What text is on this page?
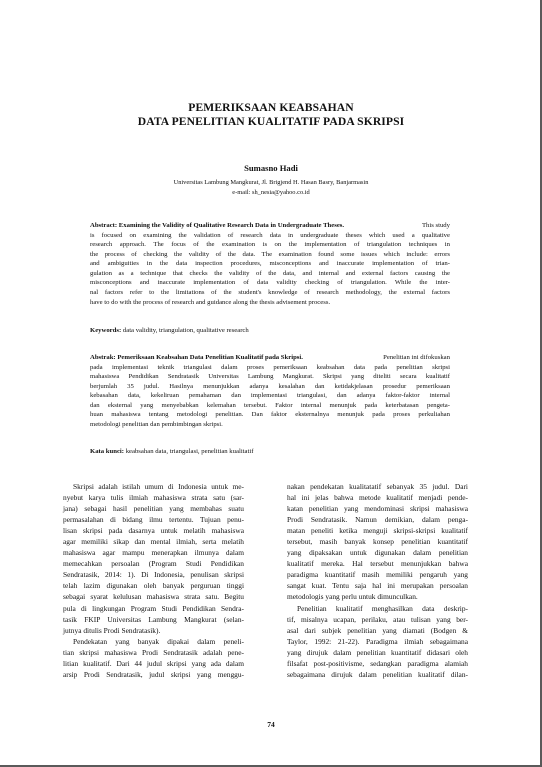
PEMERIKSAAN KEABSAHAN
DATA PENELITIAN KUALITATIF PADA SKRIPSI
Sumasno Hadi
Universitas Lambung Mangkurat, Jl. Brigjend H. Hasan Basry, Banjarmasin
e-mail: sh_nesia@yahoo.co.id
Abstract: Examining the Validity of Qualitative Research Data in Undergraduate Theses.	This study
is focused on examining the validation of research data in undergraduate theses which used a qualitative
research approach. The focus of the examination is on the implementation of triangulation techniques in
the process of checking the validity of the data. The examination found some issues which include: errors
and ambiguities in the data inspection procedures, misconceptions and inaccurate implementation of trian-
gulation as a technique that checks the validity of the data, and internal and external factors causing the
misconceptions and inaccurate implementation of data validity checking of triangulation. While the inter-
nal factors refer to the limitations of the student's knowledge of research methodology, the external factors
have to do with the process of research and guidance along the thesis advisement process.
Keywords: data validity, triangulation, qualitative research
Abstrak: Pemeriksaan Keabsahan Data Penelitian Kualitatif pada Skripsi.	Penelitian ini difokuskan
pada implementasi teknik triangulasi dalam proses pemeriksaan keabsahan data pada penelitian skripsi
mahasiswa Pendidikan Sendratasik Universitas Lambung Mangkurat. Skripsi yang diteliti secara kualitatif
berjumlah 35 judul. Hasilnya menunjukkan adanya kesalahan dan ketidakjelasan prosedur pemeriksaan
kebasahan data, kekeliruan pemahaman dan implementasi triangulasi, dan adanya faktor-faktor internal
dan eksternal yang menyebabkan kelemahan tersebut. Faktor internal menunjuk pada keterbatasan pengeta-
huan mahasiswa tentang metodologi penelitian. Dan faktor eksternalnya menunjuk pada proses perkuliahan
metodologi penelitian dan pembimbingan skripsi.
Kata kunci: keabsahan data, triangulasi, penelitian kualitatif
Skripsi adalah istilah umum di Indonesia untuk me-
nyebut karya tulis ilmiah mahasiswa strata satu (sar-
jana) sebagai hasil penelitian yang membahas suatu
permasalahan di bidang ilmu tertentu. Tujuan penu-
lisan skripsi pada dasarnya untuk melatih mahasiswa
agar memiliki sikap dan mental ilmiah, serta melatih
mahasiswa agar mampu menerapkan ilmunya dalam
memecahkan persoalan (Program Studi Pendidikan
Sendratasik, 2014: 1). Di Indonesia, penulisan skripsi
telah lazim digunakan oleh banyak perguruan tinggi
sebagai syarat kelulusan mahasiswa strata satu. Begitu
pula di lingkungan Program Studi Pendidikan Sendra-
tasik FKIP Universitas Lambung Mangkurat (selan-
jutnya ditulis Prodi Sendratasik).
Pendekatan yang banyak dipakai dalam peneli-
tian skripsi mahasiswa Prodi Sendratasik adalah pene-
litian kualitatif. Dari 44 judul skripsi yang ada dalam
arsip Prodi Sendratasik, judul skripsi yang menggu-
nakan pendekatan kualitatatif sebanyak 35 judul. Dari
hal ini jelas bahwa metode kualitatif menjadi pende-
katan penelitian yang mendominasi skripsi mahasiswa
Prodi Sendratasik. Namun demikian, dalam penga-
matan peneliti ketika menguji skripsi-skripsi kualitatif
tersebut, masih banyak konsep penelitian kuantitatif
yang dipaksakan untuk digunakan dalam penelitian
kualitatif mereka. Hal tersebut menunjukkan bahwa
paradigma kuantitatif masih memiliki pengaruh yang
sangat kuat. Tentu saja hal ini merupakan persoalan
metodologis yang perlu untuk dimunculkan.
Penelitian kualitatif menghasilkan data deskrip-
tif, misalnya ucapan, perilaku, atau tulisan yang ber-
asal dari subjek penelitian yang diamati (Bodgen &
Taylor, 1992: 21-22). Paradigma ilmiah sebagaimana
yang dirujuk dalam penelitian kuantitatif didasari oleh
filsafat post-positivisme, sedangkan paradigma alamiah
sebagaimana dirujuk dalam penelitian kualitatif dilan-
74
